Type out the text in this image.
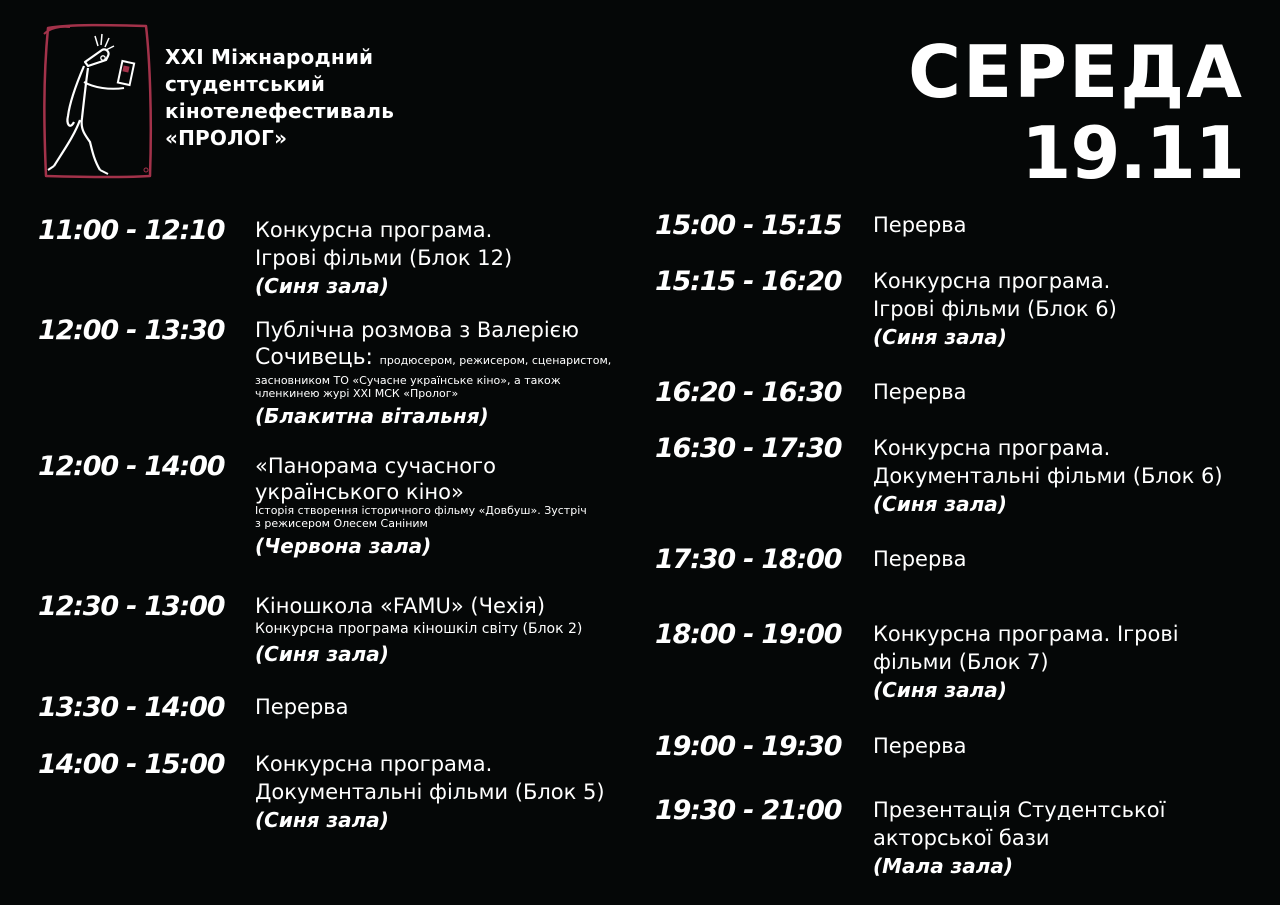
XXI Міжнародний
студентський
кінотелефестиваль
«ПРОЛОГ»
СЕРЕДА
19.11
11:00 - 12:10	Конкурсна програма.
Ігрові фільми (Блок 12)
(Синя зала)
12:00 - 13:30	Публічна розмова з Валерією
Сочивець: продюсером, режисером, сценаристом,
засновником ТО «Сучасне українське кіно», а також
членкинею журі XXI МСК «Пролог»
(Блакитна вітальня)
12:00 - 14:00	«Панорама сучасного
українського кіно»
Історія створення історичного фільму «Довбуш». Зустріч
з режисером Олесем Саніним
(Червона зала)
12:30 - 13:00	Кіношкола «FAMU» (Чехія)
Конкурсна програма кіношкіл світу (Блок 2)
(Синя зала)
13:30 - 14:00	Перерва
14:00 - 15:00	Конкурсна програма.
Документальні фільми (Блок 5)
(Синя зала)
15:00 - 15:15	Перерва
15:15 - 16:20	Конкурсна програма.
Ігрові фільми (Блок 6)
(Синя зала)
16:20 - 16:30	Перерва
16:30 - 17:30	Конкурсна програма.
Документальні фільми (Блок 6)
(Синя зала)
17:30 - 18:00	Перерва
18:00 - 19:00	Конкурсна програма. Ігрові
фільми (Блок 7)
(Синя зала)
19:00 - 19:30	Перерва
19:30 - 21:00	Презентація Студентської
акторської бази
(Мала зала)
